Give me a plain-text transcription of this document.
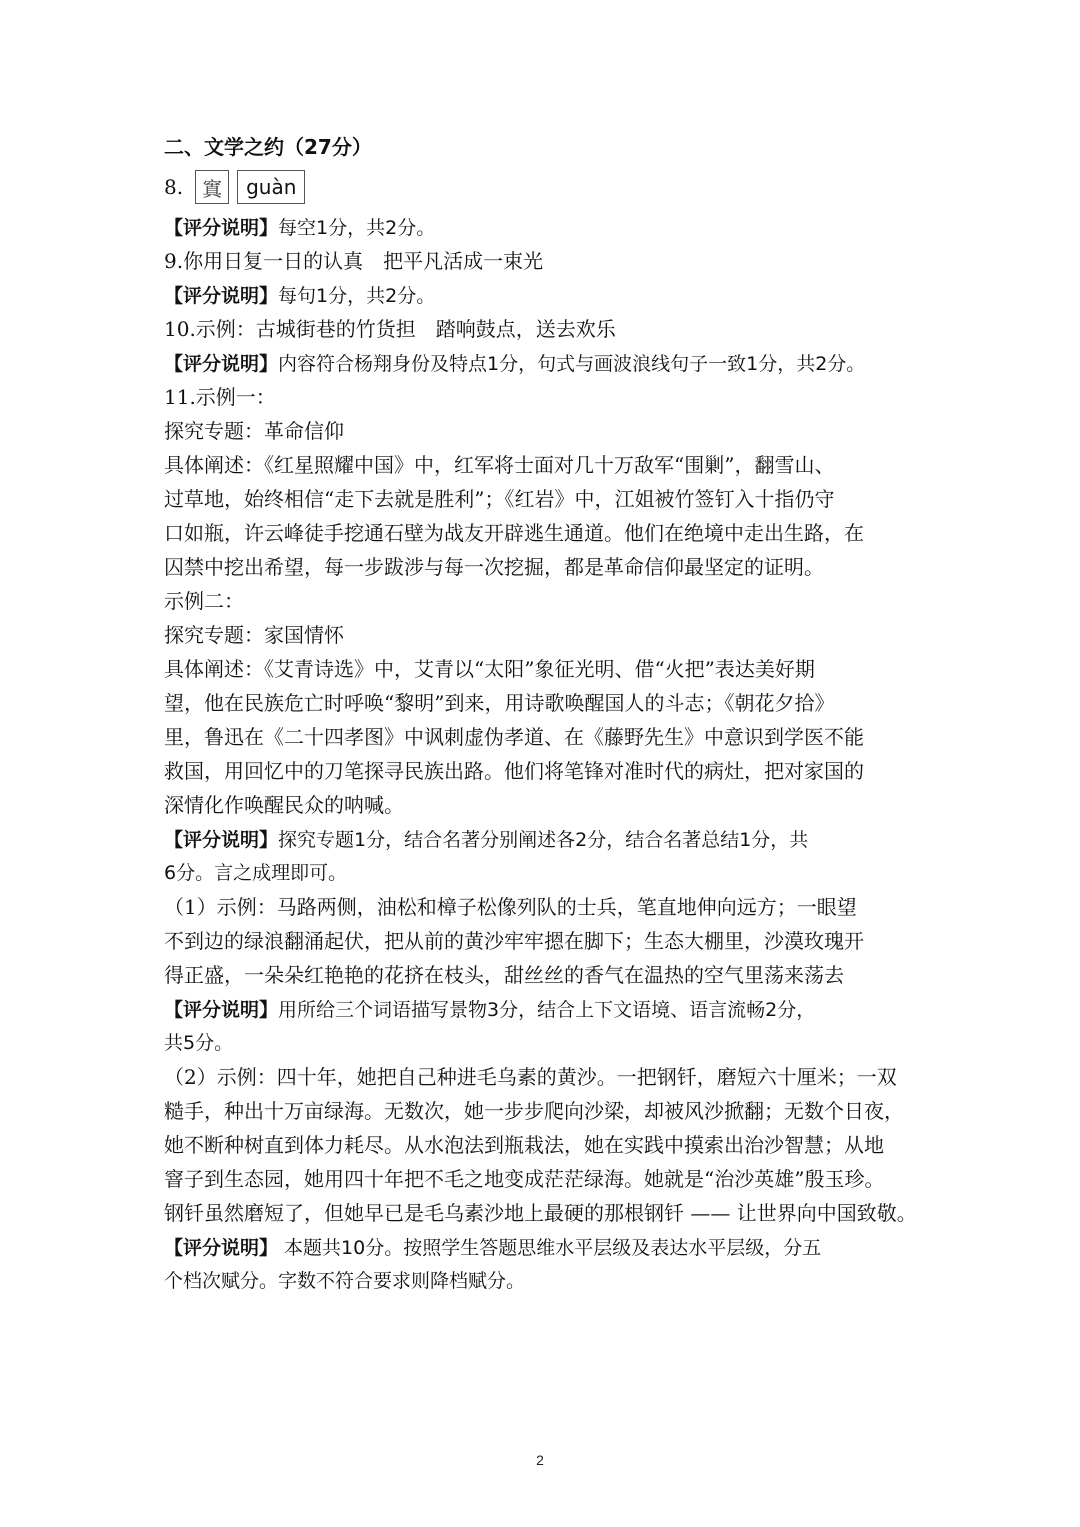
二、文学之约（27分）
8. 窴	guàn
【评分说明】每空1分，共2分。
9.你用日复一日的认真　把平凡活成一束光
【评分说明】每句1分，共2分。
10.示例：古城街巷的竹货担　踏响鼓点，送去欢乐
【评分说明】内容符合杨翔身份及特点1分，句式与画波浪线句子一致1分，共2分。
11.示例一：
探究专题：革命信仰
具体阐述：《红星照耀中国》中，红军将士面对几十万敌军“围剿”，翻雪山、
过草地，始终相信“走下去就是胜利”；《红岩》中，江姐被竹签钉入十指仍守
口如瓶，许云峰徒手挖通石壁为战友开辟逃生通道。他们在绝境中走出生路，在
囚禁中挖出希望，每一步跋涉与每一次挖掘，都是革命信仰最坚定的证明。
示例二：
探究专题：家国情怀
具体阐述：《艾青诗选》中，艾青以“太阳”象征光明、借“火把”表达美好期
望，他在民族危亡时呼唤“黎明”到来，用诗歌唤醒国人的斗志；《朝花夕拾》
里，鲁迅在《二十四孝图》中讽刺虚伪孝道、在《藤野先生》中意识到学医不能
救国，用回忆中的刀笔探寻民族出路。他们将笔锋对准时代的病灶，把对家国的
深情化作唤醒民众的呐喊。
【评分说明】探究专题1分，结合名著分别阐述各2分，结合名著总结1分，共
6分。言之成理即可。
（1）示例：马路两侧，油松和樟子松像列队的士兵，笔直地伸向远方；一眼望
不到边的绿浪翻涌起伏，把从前的黄沙牢牢摁在脚下；生态大棚里，沙漠玫瑰开
得正盛，一朵朵红艳艳的花挤在枝头，甜丝丝的香气在温热的空气里荡来荡去
【评分说明】用所给三个词语描写景物3分，结合上下文语境、语言流畅2分，
共5分。
（2）示例：四十年，她把自己种进毛乌素的黄沙。一把钢钎，磨短六十厘米；一双
糙手，种出十万亩绿海。无数次，她一步步爬向沙梁，却被风沙掀翻；无数个日夜，
她不断种树直到体力耗尽。从水泡法到瓶栽法，她在实践中摸索出治沙智慧；从地
窨子到生态园，她用四十年把不毛之地变成茫茫绿海。她就是“治沙英雄”殷玉珍。
钢钎虽然磨短了，但她早已是毛乌素沙地上最硬的那根钢钎 —— 让世界向中国致敬。
【评分说明】 本题共10分。按照学生答题思维水平层级及表达水平层级，分五
个档次赋分。字数不符合要求则降档赋分。
2
